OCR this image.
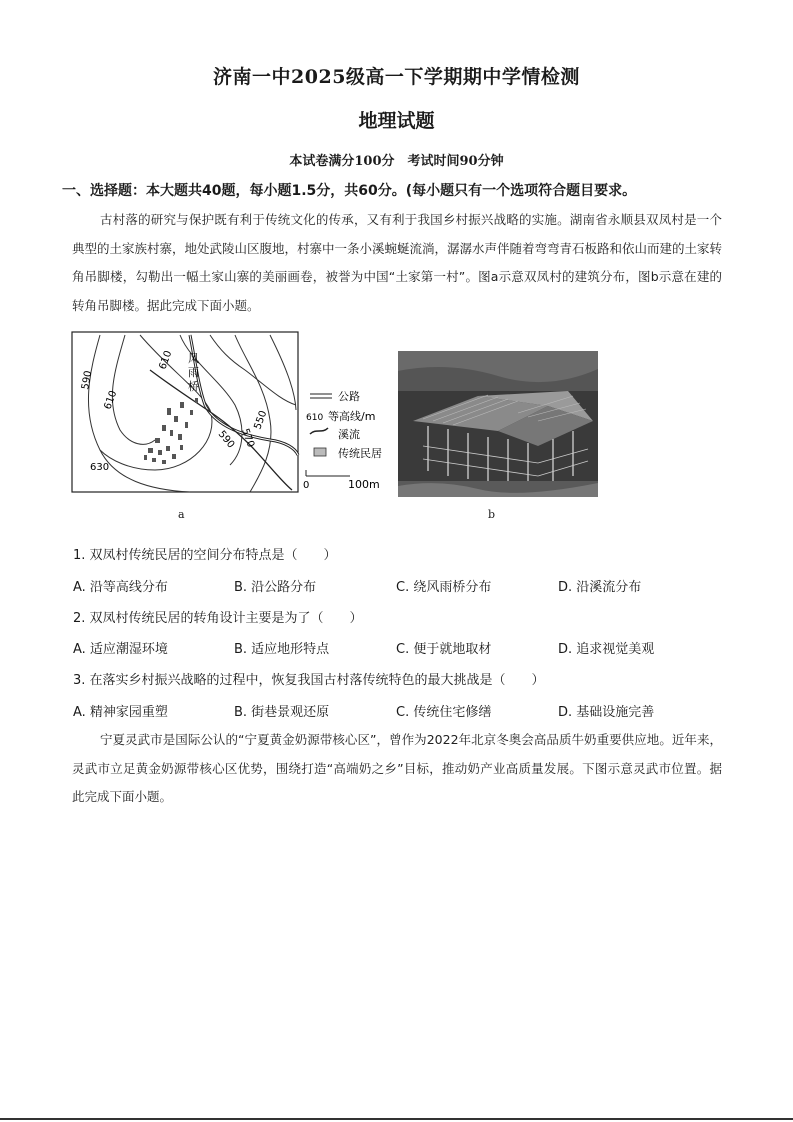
济南一中2025级高一下学期期中学情检测
地理试题
本试卷满分100分　考试时间90分钟
一、选择题：本大题共40题，每小题1.5分，共60分。(每小题只有一个选项符合题目要求。
古村落的研究与保护既有利于传统文化的传承，又有利于我国乡村振兴战略的实施。湖南省永顺县双凤村是一个典型的土家族村寨，地处武陵山区腹地，村寨中一条小溪蜿蜒流淌，潺潺水声伴随着弯弯青石板路和依山而建的土家转角吊脚楼，勾勒出一幅土家山寨的美丽画卷，被誉为中国“土家第一村”。图a示意双凤村的建筑分布，图b示意在建的转角吊脚楼。据此完成下面小题。
590
610
610
630
590 570
550
风
雨
桥
公路
610 等高线/m
溪流
传统民居
0	100m
a	b
1. 双凤村传统民居的空间分布特点是（　　）
A. 沿等高线分布	B. 沿公路分布	C. 绕风雨桥分布	D. 沿溪流分布
2. 双凤村传统民居的转角设计主要是为了（　　）
A. 适应潮湿环境	B. 适应地形特点	C. 便于就地取材	D. 追求视觉美观
3. 在落实乡村振兴战略的过程中，恢复我国古村落传统特色的最大挑战是（　　）
A. 精神家园重塑	B. 街巷景观还原	C. 传统住宅修缮	D. 基础设施完善
宁夏灵武市是国际公认的“宁夏黄金奶源带核心区”，曾作为2022年北京冬奥会高品质牛奶重要供应地。近年来，灵武市立足黄金奶源带核心区优势，围绕打造“高端奶之乡”目标，推动奶产业高质量发展。下图示意灵武市位置。据此完成下面小题。
